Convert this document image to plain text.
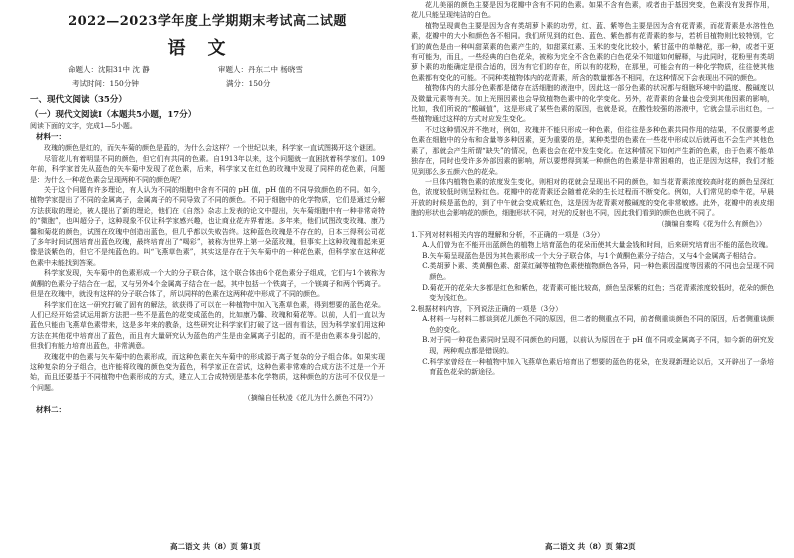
2022—2023学年度上学期期末考试高二试题
语文
命题人：沈阳31中 沈 静	审题人：丹东二中 杨晓雪
考试时间：150分钟	满分：150分
一、现代文阅读（35分）
（一）现代文阅读Ⅰ（本题共5小题，17分）

阅读下面的文字，完成1—5小题。

材料一：

玫瑰的颜色是红的，而矢车菊的颜色是蓝的，为什么会这样？一个世纪以来，科学家一直试图揭开这个谜团。

尽管花儿有着明显不同的颜色，但它们有共同的色素。自1913年以来，这个问题就一直困扰着科学家们。109年前，科学家首先从蓝色的矢车菊中发现了花色素，后来，科学家又在红色的玫瑰中发现了同样的花色素，问题是：为什么一种花色素会呈现两种不同的颜色呢？

关于这个问题有许多理论，有人认为不同的细胞中含有不同的 pH 值，pH 值的不同导致颜色的不同。如今，植物学家提出了不同的金属离子，金属离子的不同导致了不同的颜色。不同于细胞中的化学物质，它们是通过分解方法获取的理论，被人提出了新的理论，他们在《自然》杂志上发表的论文中提出，矢车菊细胞中有一种非常奇特的“微胞”，也叫超分子，这种现象不仅让科学家感兴趣，也让商业花卉界着迷。多年来，他们试图改变玫瑰、康乃馨和菊花的颜色，试图在玫瑰中创造出蓝色，但几乎都以失败告终。这种蓝色玫瑰是不存在的，日本三得利公司花了多年时间试图培育出蓝色玫瑰，最终培育出了“喝彩”，被称为世界上第一朵蓝玫瑰，但事实上这种玫瑰看起来更像是淡紫色的，但它不是纯蓝色的。叫“飞燕草色素”，其实这是存在于矢车菊中的一种花色素，但科学家在这种花色素中未能找到答案。

科学家发现，矢车菊中的色素形成一个大的分子联合体，这个联合体由6个花色素分子组成，它们与1个被称为黄酮的色素分子结合在一起，又与另外4个金属离子结合在一起，其中包括一个铁离子，一个镁离子和两个钙离子。但是在玫瑰中，就没有这样的分子联合体了，所以同样的色素在这两种花中形成了不同的颜色。

科学家们在这一研究打破了固有的解法，欲获得了可以在一种植物中加入飞燕草色素，得到想要的蓝色花朵。人们已经开始尝试运用新方法把一些不是蓝色的花变成蓝色的，比如康乃馨、玫瑰和菊花等。以前，人们一直以为蓝色只能由飞燕草色素带来，这是多年来的教条，这些研究让科学家们打破了这一固有看法，因为科学家们用这种方法在其他花中培育出了蓝色，而且有大量研究认为蓝色的产生是由金属离子引起的，而不是由色素本身引起的，但我们有能力培育出蓝色，非常满意。

玫瑰花中的色素与矢车菊中的色素形成，而这种色素在矢车菊中的形成源于离子复杂的分子组合体。如果实现这种复杂的分子组合，也许能将玫瑰的颜色变为蓝色，科学家正在尝试，这种色素非常难的合成方法不过是一个开始，而且还要基于不同植物中色素形成的方式，建立人工合成特别是基本化学物质，这种颜色的方法可不仅仅是一个问题。

（摘编自任秋凌《花儿为什么颜色不同?》）
材料二：
高二语文 共（8）页 第1页

花儿美丽的颜色主要是因为花瓣中含有不同的色素。如果不含有色素，或者由于基因突变，色素没有发挥作用，花儿只能呈现纯洁的白色。

植物呈现黄色主要是因为含有类胡萝卜素的功劳，红、蓝、紫等色主要是因为含有花青素，而花青素是水溶性色素，花瓣中的大小和颜色各不相同。我们所见到的红色、蓝色、紫色都有花青素的参与，若析目植物则比较特别，它们的黄色是由一种叫甜菜素的色素产生的，如甜菜红素、玉米的变化比较小，紫甘蓝中的单糖花，那一种，或者干更有可能为，而且，一些经典的白色花朵，被称为完全不含色素的白色花朵不知道如何解释，与此同时，花粉里有类胡萝卜素的功能确定是很合适的，因为有它们的存在，所以有的花粉，在那里，可能会有的一种化学物质，往往使其他色素都有变化的可能。不同种类植物体内的花青素，所含的数量都各不相同，在这种情况下会表现出不同的颜色。

植物体内的大部分色素都是储存在活细胞的液泡中，因此这一部分色素的状况都与细胞环境中的温度、酸碱度以及微量元素等有关。加上光照因素也会导致植物色素中的化学变化。另外，花青素的含量也会受到其他因素的影响，比如，我们所说的“酸碱值”，这是形成了某些色素的原因，也就是说，在酸性较强的溶液中，它就会显示出红色，一些植物通过这样的方式对应发生变化。

不过这种情况并不绝对，例如，玫瑰并不能只形成一种色素，但往往是多种色素共同作用的结果，不仅需要考虑色素在细胞中的分布和含量等多种因素，更为重要的是，某种类型的色素在一些花中形成以后就再也不会生产其他色素了，那就会产生所谓“缺失”的情况，色素也会在花中发生变化。在这种情况下如何产生新的色素，由于色素不能单独存在，同时也受许多外部因素的影响，所以要想得到某一种颜色的色素是非常困难的，也正是因为这样，我们才能见到那么多五颜六色的花朵。

一旦体内植物色素的浓度发生变化，则相对的花就会呈现出不同的颜色，如当花青素浓度较高时花的颜色呈深红色，浓度较低时则呈粉红色。花瓣中的花青素还会随着花朵的生长过程而不断变化。例如，人们常见的牵牛花，早晨开放的时候是蓝色的，到了中午就会变成紫红色，这是因为花青素对酸碱度的变化非常敏感。此外，花瓣中的表皮细胞的形状也会影响花的颜色，细胞形状不同，对光的反射也不同，因此我们看到的颜色也就不同了。

（摘编自秦鸣《花为什么有颜色》）

1.下列对材料相关内容的理解和分析，不正确的一项是（3分）

A.人们曾为在不能开出蓝颜色的植物上培育蓝色的花朵而使其大量金钱和时间，后来研究培育出不能的蓝色玫瑰。

B.矢车菊呈现蓝色是因为其色素形成一个大分子联合体，与1个黄酮色素分子结合，又与4个金属离子相结合。

C.类胡萝卜素、类黄酮色素、甜菜红碱等植物色素使植物颜色各异，同一种色素因温度等因素的不同也会呈现不同颜色。

D.菊花开的花朵大多都是红色和紫色，花青素可能比较高，颜色呈深紫的红色；当花青素浓度较低时，花朵的颜色变为浅红色。

2.根据材料内容，下列说法正确的一项是（3分）

A.材料一与材料二都谈到花儿颜色不同的原因，但二者的侧重点不同，前者侧重谈颜色不同的原因，后者侧重谈颜色的变化。

B.对于同一种花色素同时呈现不同颜色的问题，以前认为原因在于 pH 值不同或金属离子不同，如今新的研究发现，两种观点都是错误的。

C.科学家曾经在一种植物中加入飞燕草色素后培育出了想要的蓝色的花朵，在发现新理论以后，又开辟出了一条培育蓝色花朵的新途径。

高二语文 共（8）页 第2页
